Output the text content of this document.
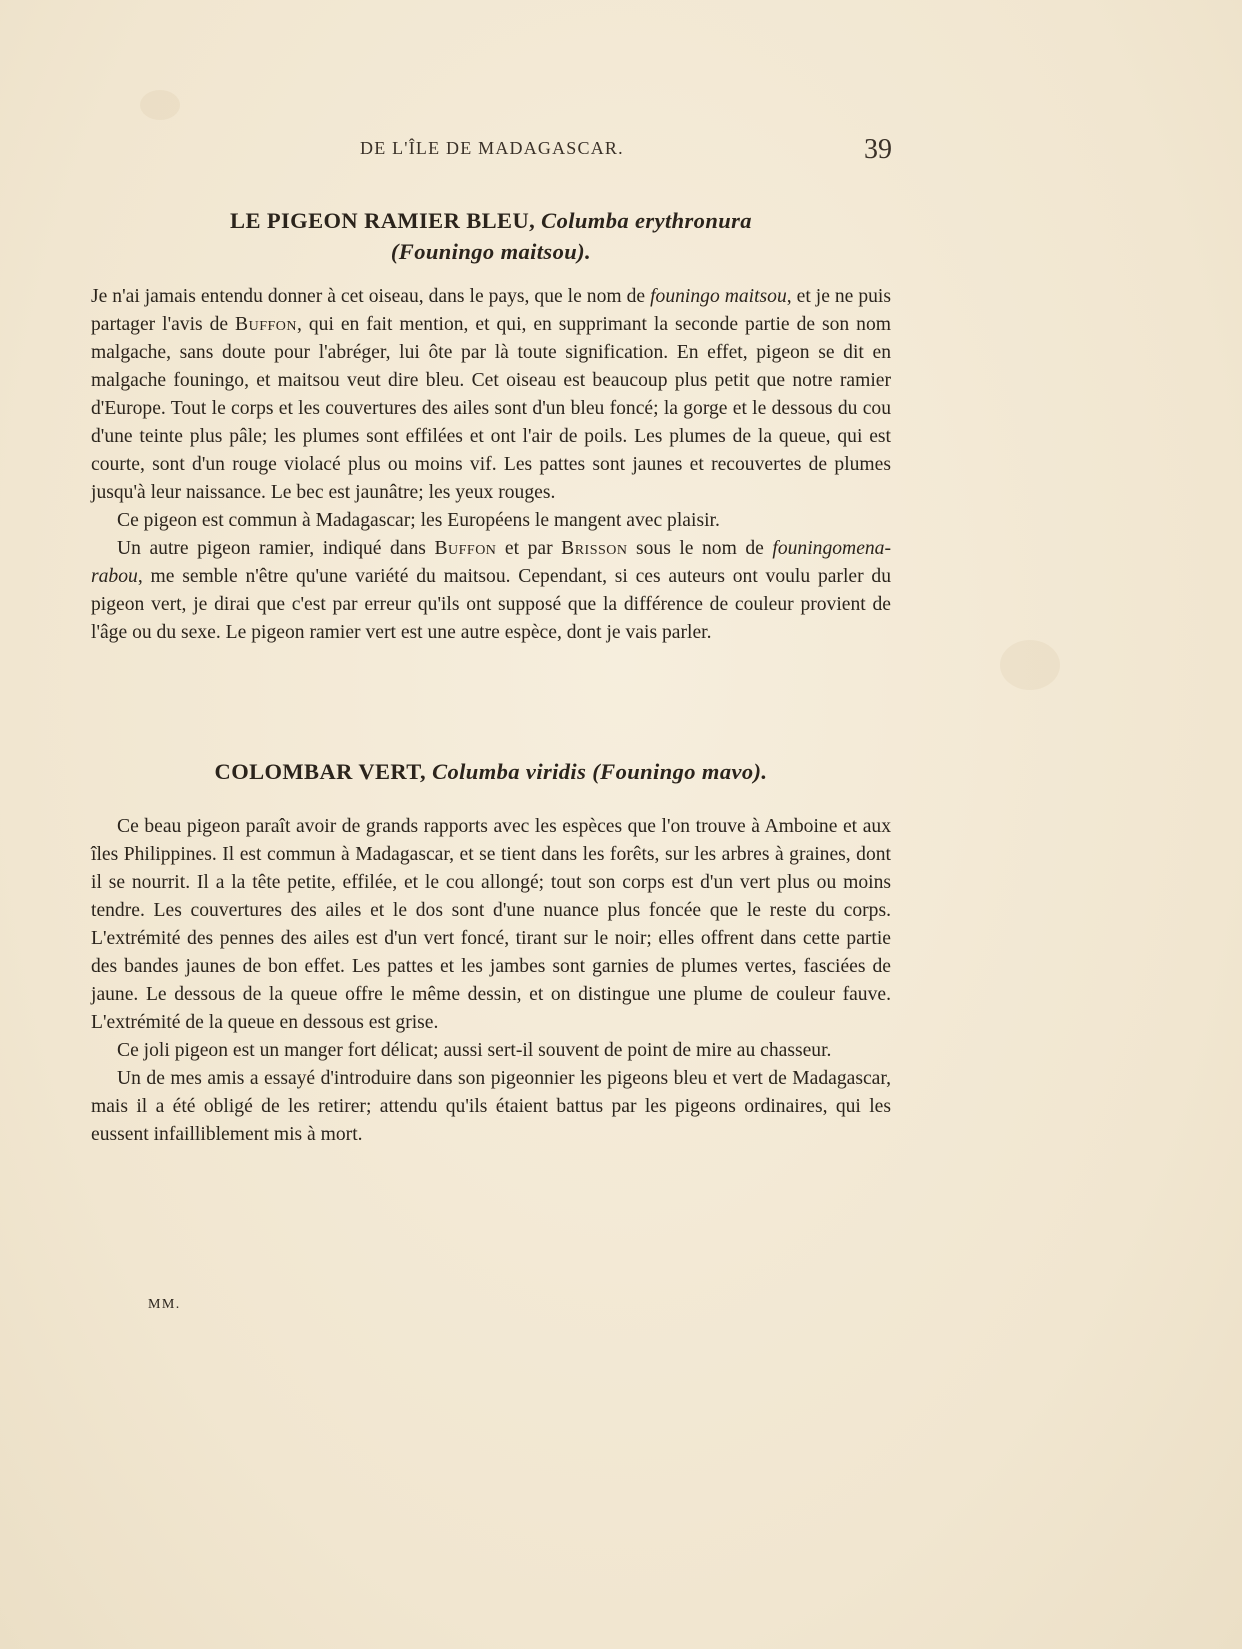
DE L'ÎLE DE MADAGASCAR.	39
LE PIGEON RAMIER BLEU, Columba erythronura
(Founingo maitsou).

Je n'ai jamais entendu donner à cet oiseau, dans le pays, que le nom de founingo maitsou, et je ne puis partager l'avis de Buffon, qui en fait mention, et qui, en supprimant la seconde partie de son nom malgache, sans doute pour l'abréger, lui ôte par là toute signification. En effet, pigeon se dit en malgache founingo, et maitsou veut dire bleu. Cet oiseau est beaucoup plus petit que notre ramier d'Europe. Tout le corps et les couvertures des ailes sont d'un bleu foncé; la gorge et le dessous du cou d'une teinte plus pâle; les plumes sont effilées et ont l'air de poils. Les plumes de la queue, qui est courte, sont d'un rouge violacé plus ou moins vif. Les pattes sont jaunes et recouvertes de plumes jusqu'à leur naissance. Le bec est jaunâtre; les yeux rouges.

Ce pigeon est commun à Madagascar; les Européens le mangent avec plaisir.

Un autre pigeon ramier, indiqué dans Buffon et par Brisson sous le nom de founingomena-rabou, me semble n'être qu'une variété du maitsou. Cependant, si ces auteurs ont voulu parler du pigeon vert, je dirai que c'est par erreur qu'ils ont supposé que la différence de couleur provient de l'âge ou du sexe. Le pigeon ramier vert est une autre espèce, dont je vais parler.

COLOMBAR VERT, Columba viridis (Founingo mavo).

Ce beau pigeon paraît avoir de grands rapports avec les espèces que l'on trouve à Amboine et aux îles Philippines. Il est commun à Madagascar, et se tient dans les forêts, sur les arbres à graines, dont il se nourrit. Il a la tête petite, effilée, et le cou allongé; tout son corps est d'un vert plus ou moins tendre. Les couvertures des ailes et le dos sont d'une nuance plus foncée que le reste du corps. L'extrémité des pennes des ailes est d'un vert foncé, tirant sur le noir; elles offrent dans cette partie des bandes jaunes de bon effet. Les pattes et les jambes sont garnies de plumes vertes, fasciées de jaune. Le dessous de la queue offre le même dessin, et on distingue une plume de couleur fauve. L'extrémité de la queue en dessous est grise.

Ce joli pigeon est un manger fort délicat; aussi sert-il souvent de point de mire au chasseur.

Un de mes amis a essayé d'introduire dans son pigeonnier les pigeons bleu et vert de Madagascar, mais il a été obligé de les retirer; attendu qu'ils étaient battus par les pigeons ordinaires, qui les eussent infailliblement mis à mort.

MM.
